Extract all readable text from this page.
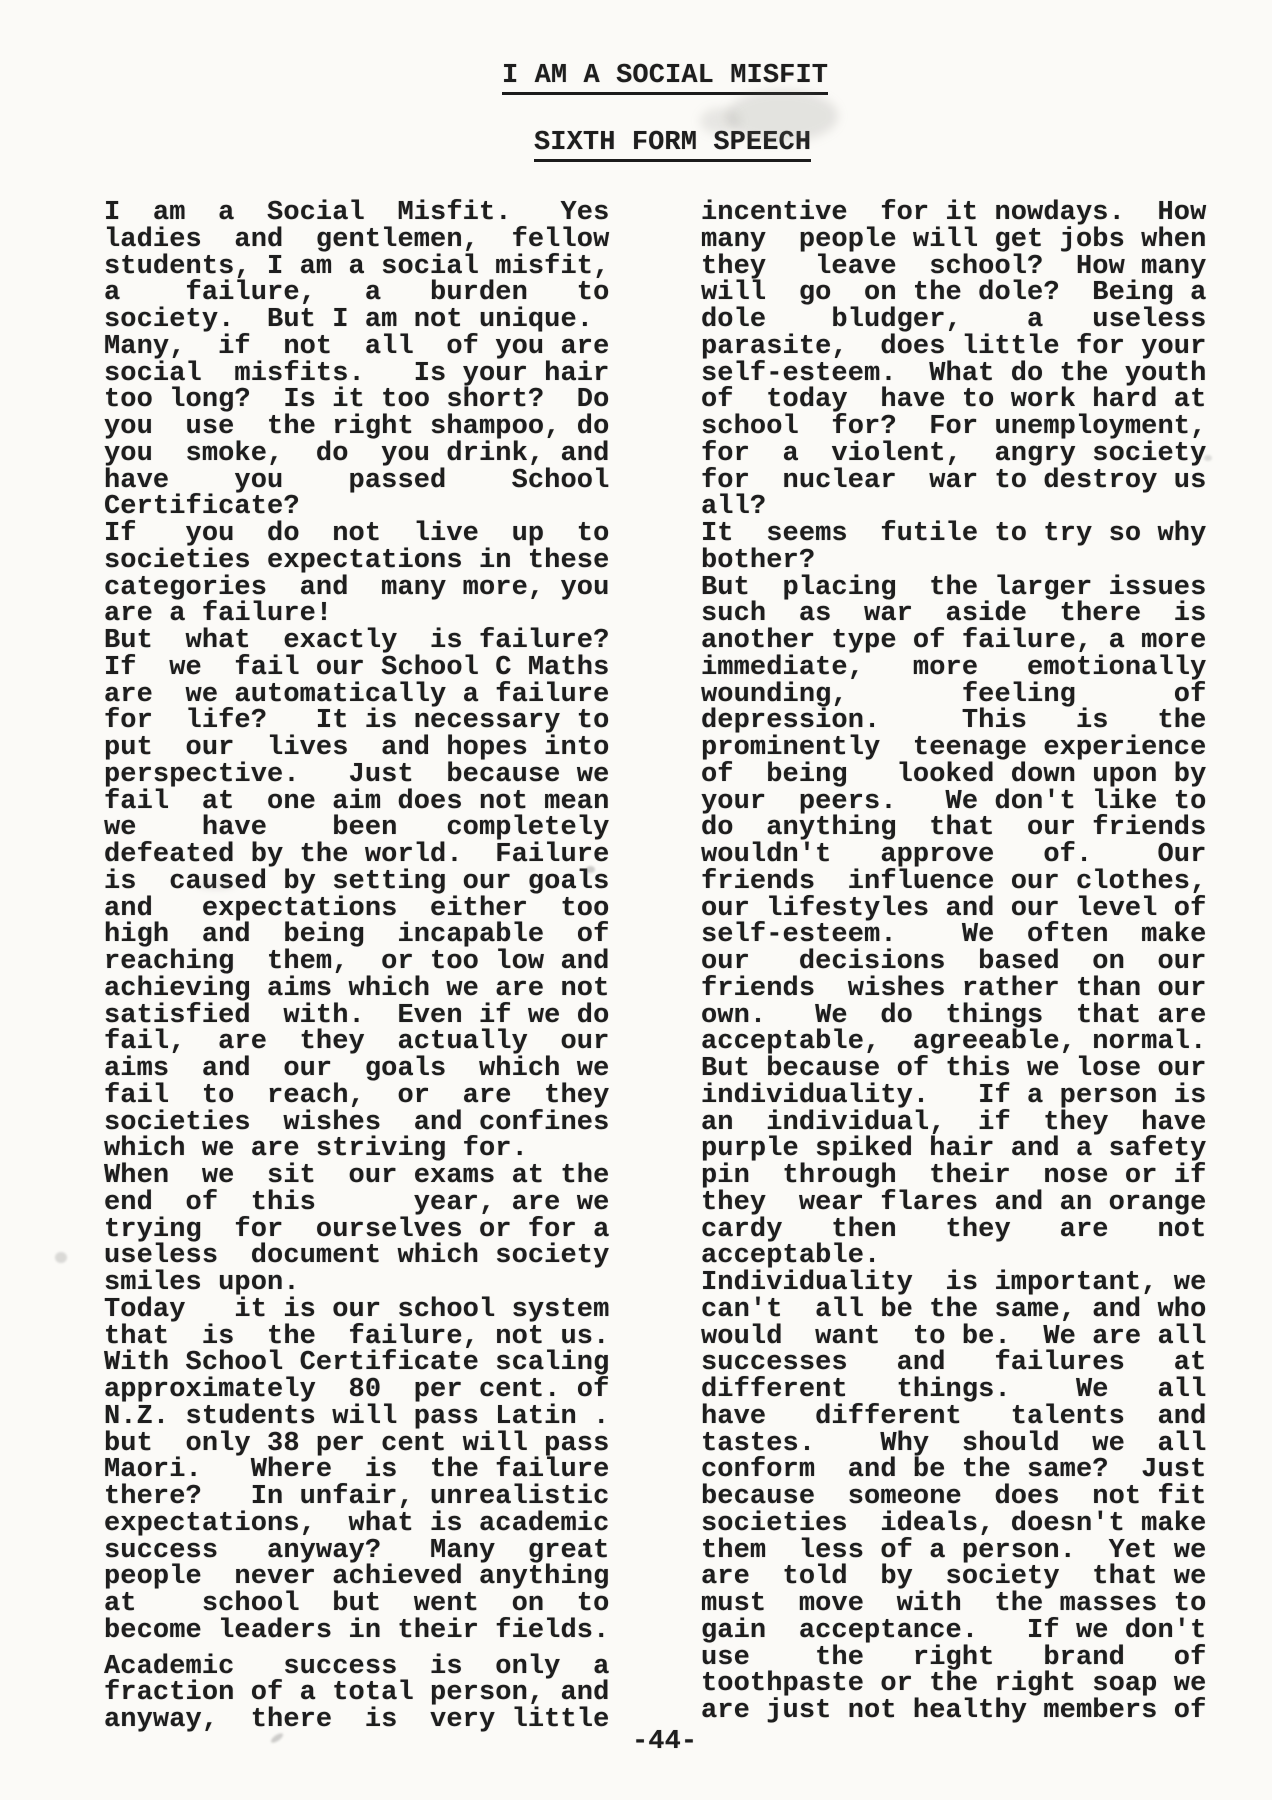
I AM A SOCIAL MISFIT
SIXTH FORM SPEECH
I  am  a  Social  Misfit.   Yes
ladies  and  gentlemen,  fellow
students, I am a social misfit,
a    failure,   a   burden   to
society.  But I am not unique.
Many,  if  not  all  of you are
social  misfits.   Is your hair
too long?  Is it too short?  Do
you  use  the right shampoo, do
you  smoke,  do  you drink, and
have    you    passed    School
Certificate?
If   you  do  not  live  up  to
societies expectations in these
categories  and  many more, you
are a failure!
But  what  exactly  is failure?
If  we  fail our School C Maths
are  we automatically a failure
for  life?   It is necessary to
put  our  lives  and hopes into
perspective.   Just  because we
fail  at  one aim does not mean
we    have    been   completely
defeated by the world.  Failure
is  caused by setting our goals
and   expectations  either  too
high  and  being  incapable  of
reaching  them,  or too low and
achieving aims which we are not
satisfied  with.  Even if we do
fail,  are  they  actually  our
aims  and  our  goals  which we
fail  to  reach,  or  are  they
societies  wishes  and confines
which we are striving for.
When  we  sit  our exams at the
end  of  this      year, are we
trying  for  ourselves or for a
useless  document which society
smiles upon.
Today   it is our school system
that  is  the  failure, not us.
With School Certificate scaling
approximately  80  per cent. of
N.Z. students will pass Latin .
but  only 38 per cent will pass
Maori.   Where  is  the failure
there?   In unfair, unrealistic
expectations,  what is academic
success   anyway?   Many  great
people  never achieved anything
at    school  but  went  on  to
become leaders in their fields.
Academic   success  is  only  a
fraction of a total person, and
anyway,  there  is  very little
incentive  for it nowdays.  How
many  people will get jobs when
they   leave  school?  How many
will  go  on the dole?  Being a
dole    bludger,    a   useless
parasite,  does little for your
self-esteem.  What do the youth
of  today  have to work hard at
school  for?  For unemployment,
for  a  violent,  angry society
for  nuclear  war to destroy us
all?
It  seems  futile to try so why
bother?
But  placing  the larger issues
such  as  war  aside  there  is
another type of failure, a more
immediate,   more   emotionally
wounding,       feeling      of
depression.     This   is   the
prominently  teenage experience
of  being   looked down upon by
your  peers.   We don't like to
do  anything  that  our friends
wouldn't   approve   of.    Our
friends  influence our clothes,
our lifestyles and our level of
self-esteem.    We  often  make
our   decisions  based  on  our
friends  wishes rather than our
own.   We  do  things  that are
acceptable,  agreeable, normal.
But because of this we lose our
individuality.   If a person is
an  individual,  if  they  have
purple spiked hair and a safety
pin  through  their  nose or if
they  wear flares and an orange
cardy   then   they   are   not
acceptable.
Individuality  is important, we
can't  all be the same, and who
would  want  to be.  We are all
successes   and   failures   at
different   things.    We   all
have   different   talents  and
tastes.    Why  should  we  all
conform  and be the same?  Just
because  someone  does  not fit
societies  ideals, doesn't make
them  less of a person.  Yet we
are  told  by  society  that we
must  move  with  the masses to
gain  acceptance.   If we don't
use    the   right   brand   of
toothpaste or the right soap we
are just not healthy members of
-44-
